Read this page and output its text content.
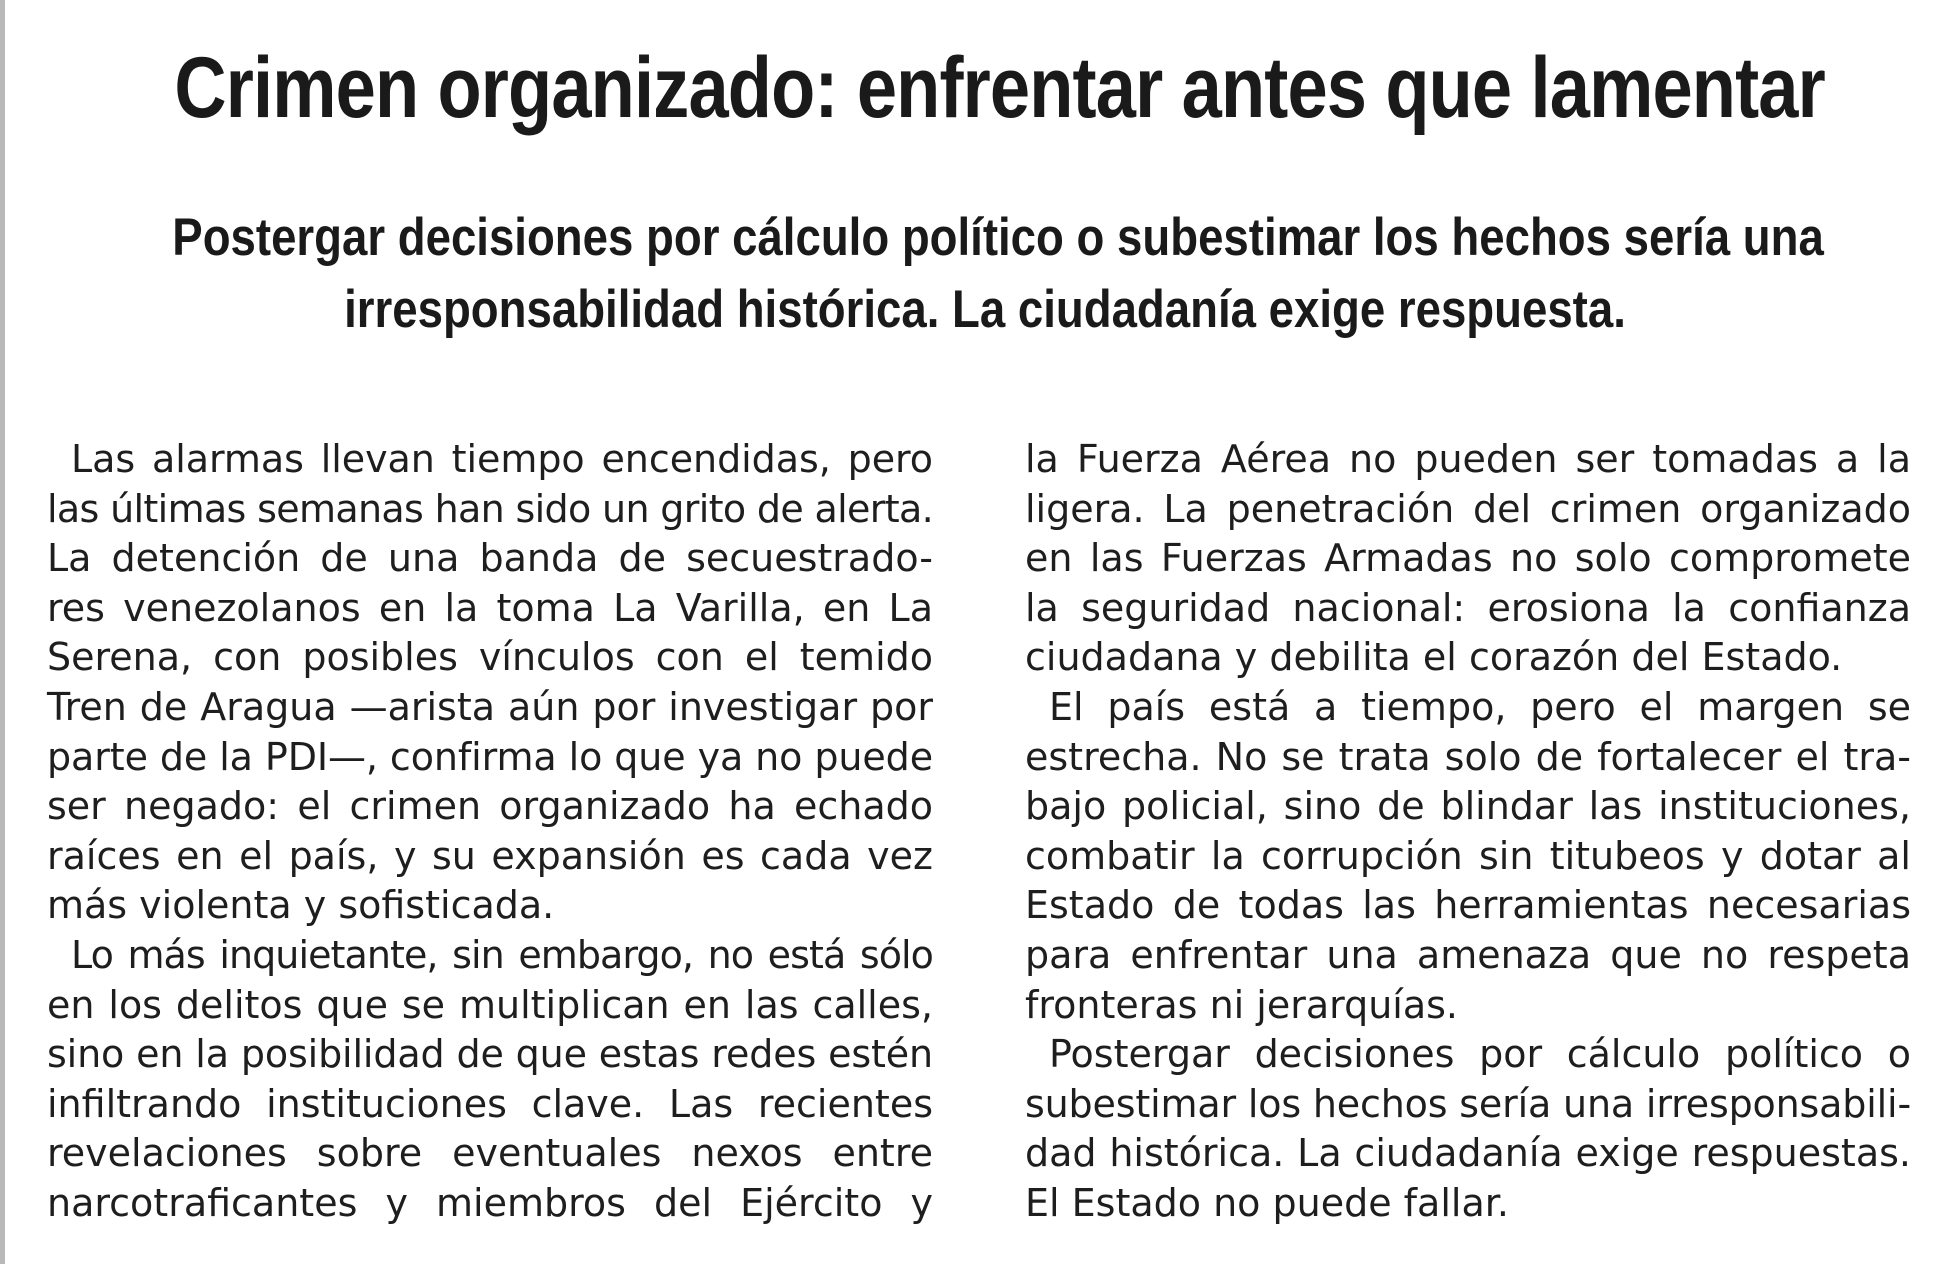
Crimen organizado: enfrentar antes que lamentar
Postergar decisiones por cálculo político o subestimar los hechos sería una
irresponsabilidad histórica. La ciudadanía exige respuesta.
Las alarmas llevan tiempo encendidas, pero
las últimas semanas han sido un grito de alerta.
La detención de una banda de secuestrado-
res venezolanos en la toma La Varilla, en La
Serena, con posibles vínculos con el temido
Tren de Aragua —arista aún por investigar por
parte de la PDI—, confirma lo que ya no puede
ser negado: el crimen organizado ha echado
raíces en el país, y su expansión es cada vez
más violenta y sofisticada.
Lo más inquietante, sin embargo, no está sólo
en los delitos que se multiplican en las calles,
sino en la posibilidad de que estas redes estén
infiltrando instituciones clave. Las recientes
revelaciones sobre eventuales nexos entre
narcotraficantes y miembros del Ejército y
la Fuerza Aérea no pueden ser tomadas a la
ligera. La penetración del crimen organizado
en las Fuerzas Armadas no solo compromete
la seguridad nacional: erosiona la confianza
ciudadana y debilita el corazón del Estado.
El país está a tiempo, pero el margen se
estrecha. No se trata solo de fortalecer el tra-
bajo policial, sino de blindar las instituciones,
combatir la corrupción sin titubeos y dotar al
Estado de todas las herramientas necesarias
para enfrentar una amenaza que no respeta
fronteras ni jerarquías.
Postergar decisiones por cálculo político o
subestimar los hechos sería una irresponsabili-
dad histórica. La ciudadanía exige respuestas.
El Estado no puede fallar.
